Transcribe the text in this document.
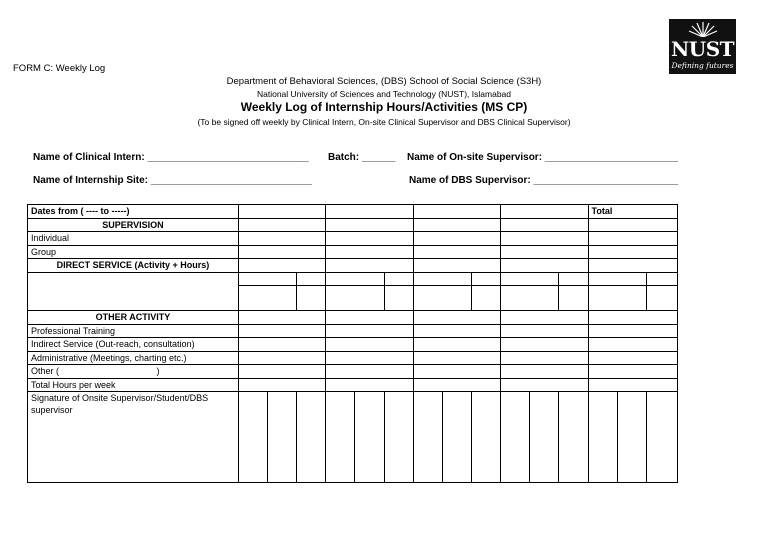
FORM C: Weekly Log
Department of Behavioral Sciences, (DBS) School of Social Science (S3H)
National University of Sciences and Technology (NUST), Islamabad
Weekly Log of Internship Hours/Activities (MS CP)
(To be signed off weekly by Clinical Intern, On-site Clinical Supervisor and DBS Clinical Supervisor)
NUST
Defining futures
Name of Clinical Intern: _____________________________ Batch: ______ Name of On-site Supervisor: ________________________
Name of Internship Site: _____________________________	Name of DBS Supervisor: __________________________
Dates from ( ---- to -----)													Total		
SUPERVISION															
Individual															
Group															
DIRECT SERVICE (Activity + Hours)															

OTHER ACTIVITY															
Professional Training															
Indirect Service (Out-reach, consultation)															
Administrative (Meetings, charting etc.)															
Other (                                       )															
Total Hours per week															
Signature of Onsite Supervisor/Student/DBS supervisor															
